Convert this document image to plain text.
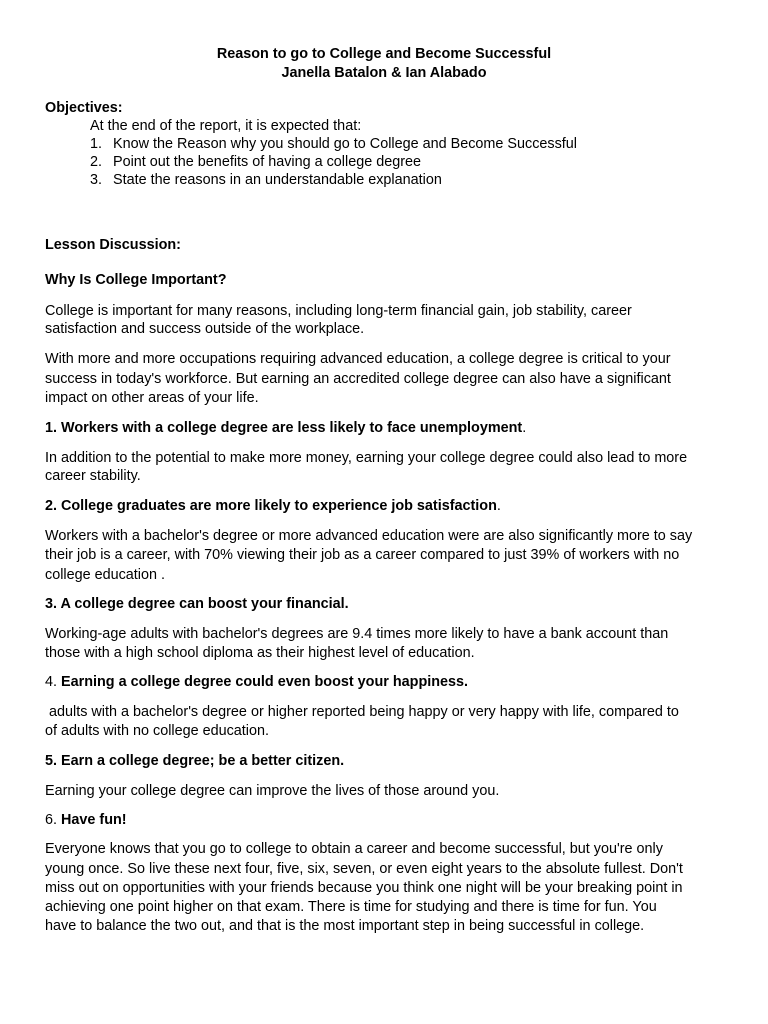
Reason to go to College and Become Successful
Janella Batalon & Ian Alabado
Objectives:
At the end of the report, it is expected that:
1. Know the Reason why you should go to College and Become Successful
2. Point out the benefits of having a college degree
3. State the reasons in an understandable explanation
Lesson Discussion:
Why Is College Important?
College is important for many reasons, including long-term financial gain, job stability, career
satisfaction and success outside of the workplace.
With more and more occupations requiring advanced education, a college degree is critical to your
success in today's workforce. But earning an accredited college degree can also have a significant
impact on other areas of your life.
1. Workers with a college degree are less likely to face unemployment.
In addition to the potential to make more money, earning your college degree could also lead to more
career stability.
2. College graduates are more likely to experience job satisfaction.
Workers with a bachelor's degree or more advanced education were are also significantly more to say
their job is a career, with 70% viewing their job as a career compared to just 39% of workers with no
college education .
3. A college degree can boost your financial.
Working-age adults with bachelor's degrees are 9.4 times more likely to have a bank account than
those with a high school diploma as their highest level of education.
4. Earning a college degree could even boost your happiness.
adults with a bachelor's degree or higher reported being happy or very happy with life, compared to
of adults with no college education.
5. Earn a college degree; be a better citizen.
Earning your college degree can improve the lives of those around you.
6. Have fun!
Everyone knows that you go to college to obtain a career and become successful, but you're only
young once. So live these next four, five, six, seven, or even eight years to the absolute fullest. Don't
miss out on opportunities with your friends because you think one night will be your breaking point in
achieving one point higher on that exam. There is time for studying and there is time for fun. You
have to balance the two out, and that is the most important step in being successful in college.
